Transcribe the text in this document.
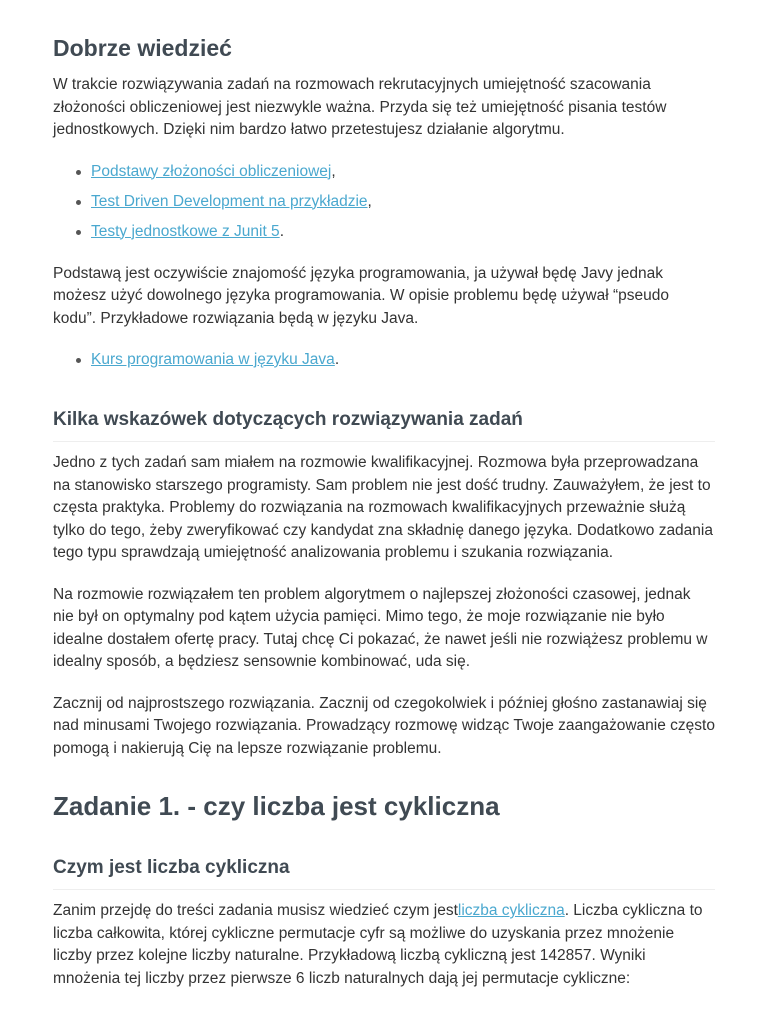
Dobrze wiedzieć

W trakcie rozwiązywania zadań na rozmowach rekrutacyjnych umiejętność szacowania złożoności obliczeniowej jest niezwykle ważna. Przyda się też umiejętność pisania testów jednostkowych. Dzięki nim bardzo łatwo przetestujesz działanie algorytmu.

Podstawy złożoności obliczeniowej,
Test Driven Development na przykładzie,
Testy jednostkowe z Junit 5.

Podstawą jest oczywiście znajomość języka programowania, ja używał będę Javy jednak możesz użyć dowolnego języka programowania. W opisie problemu będę używał “pseudo kodu”. Przykładowe rozwiązania będą w języku Java.

Kurs programowania w języku Java.
Kilka wskazówek dotyczących rozwiązywania zadań

Jedno z tych zadań sam miałem na rozmowie kwalifikacyjnej. Rozmowa była przeprowadzana na stanowisko starszego programisty. Sam problem nie jest dość trudny. Zauważyłem, że jest to częsta praktyka. Problemy do rozwiązania na rozmowach kwalifikacyjnych przeważnie służą tylko do tego, żeby zweryfikować czy kandydat zna składnię danego języka. Dodatkowo zadania tego typu sprawdzają umiejętność analizowania problemu i szukania rozwiązania.

Na rozmowie rozwiązałem ten problem algorytmem o najlepszej złożoności czasowej, jednak nie był on optymalny pod kątem użycia pamięci. Mimo tego, że moje rozwiązanie nie było idealne dostałem ofertę pracy. Tutaj chcę Ci pokazać, że nawet jeśli nie rozwiążesz problemu w idealny sposób, a będziesz sensownie kombinować, uda się.

Zacznij od najprostszego rozwiązania. Zacznij od czegokolwiek i później głośno zastanawiaj się nad minusami Twojego rozwiązania. Prowadzący rozmowę widząc Twoje zaangażowanie często pomogą i nakierują Cię na lepsze rozwiązanie problemu.

Zadanie 1. - czy liczba jest cykliczna
Czym jest liczba cykliczna

Zanim przejdę do treści zadania musisz wiedzieć czym jestliczba cykliczna. Liczba cykliczna to liczba całkowita, której cykliczne permutacje cyfr są możliwe do uzyskania przez mnożenie liczby przez kolejne liczby naturalne. Przykładową liczbą cykliczną jest 142857. Wyniki mnożenia tej liczby przez pierwsze 6 liczb naturalnych dają jej permutacje cykliczne:
